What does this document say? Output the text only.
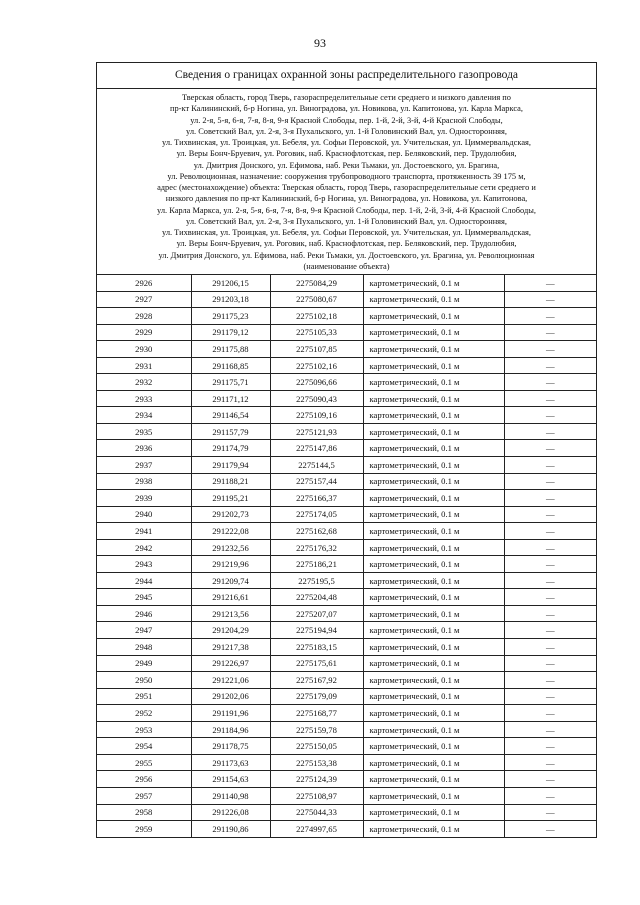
93
Сведения о границах охранной зоны распределительного газопровода
Тверская область, город Тверь, газораспределительные сети среднего и низкого давления по
пр-кт Калининский, б-р Ногина, ул. Виноградова, ул. Новикова, ул. Капитонова, ул. Карла Маркса,
ул. 2-я, 5-я, 6-я, 7-я, 8-я, 9-я Красной Слободы, пер. 1-й, 2-й, 3-й, 4-й Красной Слободы,
ул. Советский Вал, ул. 2-я, 3-я Пухальского, ул. 1-й Головинский Вал, ул. Односторонняя,
ул. Тихвинская, ул. Троицкая, ул. Бебеля, ул. Софьи Перовской, ул. Учительская, ул. Циммервальдская,
ул. Веры Бонч-Бруевич, ул. Роговик, наб. Краснофлотская, пер. Беляковский, пер. Трудолюбия,
ул. Дмитрия Донского, ул. Ефимова, наб. Реки Тьмаки, ул. Достоевского, ул. Брагина,
ул. Революционная, назначение: сооружения трубопроводного транспорта, протяженность 39 175 м,
адрес (местонахождение) объекта: Тверская область, город Тверь, газораспределительные сети среднего и
низкого давления по пр-кт Калининский, б-р Ногина, ул. Виноградова, ул. Новикова, ул. Капитонова,
ул. Карла Маркса, ул. 2-я, 5-я, 6-я, 7-я, 8-я, 9-я Красной Слободы, пер. 1-й, 2-й, 3-й, 4-й Красной Слободы,
ул. Советский Вал, ул. 2-я, 3-я Пухальского, ул. 1-й Головинский Вал, ул. Односторонняя,
ул. Тихвинская, ул. Троицкая, ул. Бебеля, ул. Софьи Перовской, ул. Учительская, ул. Циммервальдская,
ул. Веры Бонч-Бруевич, ул. Роговик, наб. Краснофлотская, пер. Беляковский, пер. Трудолюбия,
ул. Дмитрия Донского, ул. Ефимова, наб. Реки Тьмаки, ул. Достоевского, ул. Брагина, ул. Революционная
(наименование объекта)
2926	291206,15	2275084,29	картометрический, 0.1 м	—
2927	291203,18	2275080,67	картометрический, 0.1 м	—
2928	291175,23	2275102,18	картометрический, 0.1 м	—
2929	291179,12	2275105,33	картометрический, 0.1 м	—
2930	291175,88	2275107,85	картометрический, 0.1 м	—
2931	291168,85	2275102,16	картометрический, 0.1 м	—
2932	291175,71	2275096,66	картометрический, 0.1 м	—
2933	291171,12	2275090,43	картометрический, 0.1 м	—
2934	291146,54	2275109,16	картометрический, 0.1 м	—
2935	291157,79	2275121,93	картометрический, 0.1 м	—
2936	291174,79	2275147,86	картометрический, 0.1 м	—
2937	291179,94	2275144,5	картометрический, 0.1 м	—
2938	291188,21	2275157,44	картометрический, 0.1 м	—
2939	291195,21	2275166,37	картометрический, 0.1 м	—
2940	291202,73	2275174,05	картометрический, 0.1 м	—
2941	291222,08	2275162,68	картометрический, 0.1 м	—
2942	291232,56	2275176,32	картометрический, 0.1 м	—
2943	291219,96	2275186,21	картометрический, 0.1 м	—
2944	291209,74	2275195,5	картометрический, 0.1 м	—
2945	291216,61	2275204,48	картометрический, 0.1 м	—
2946	291213,56	2275207,07	картометрический, 0.1 м	—
2947	291204,29	2275194,94	картометрический, 0.1 м	—
2948	291217,38	2275183,15	картометрический, 0.1 м	—
2949	291226,97	2275175,61	картометрический, 0.1 м	—
2950	291221,06	2275167,92	картометрический, 0.1 м	—
2951	291202,06	2275179,09	картометрический, 0.1 м	—
2952	291191,96	2275168,77	картометрический, 0.1 м	—
2953	291184,96	2275159,78	картометрический, 0.1 м	—
2954	291178,75	2275150,05	картометрический, 0.1 м	—
2955	291173,63	2275153,38	картометрический, 0.1 м	—
2956	291154,63	2275124,39	картометрический, 0.1 м	—
2957	291140,98	2275108,97	картометрический, 0.1 м	—
2958	291226,08	2275044,33	картометрический, 0.1 м	—
2959	291190,86	2274997,65	картометрический, 0.1 м	—
